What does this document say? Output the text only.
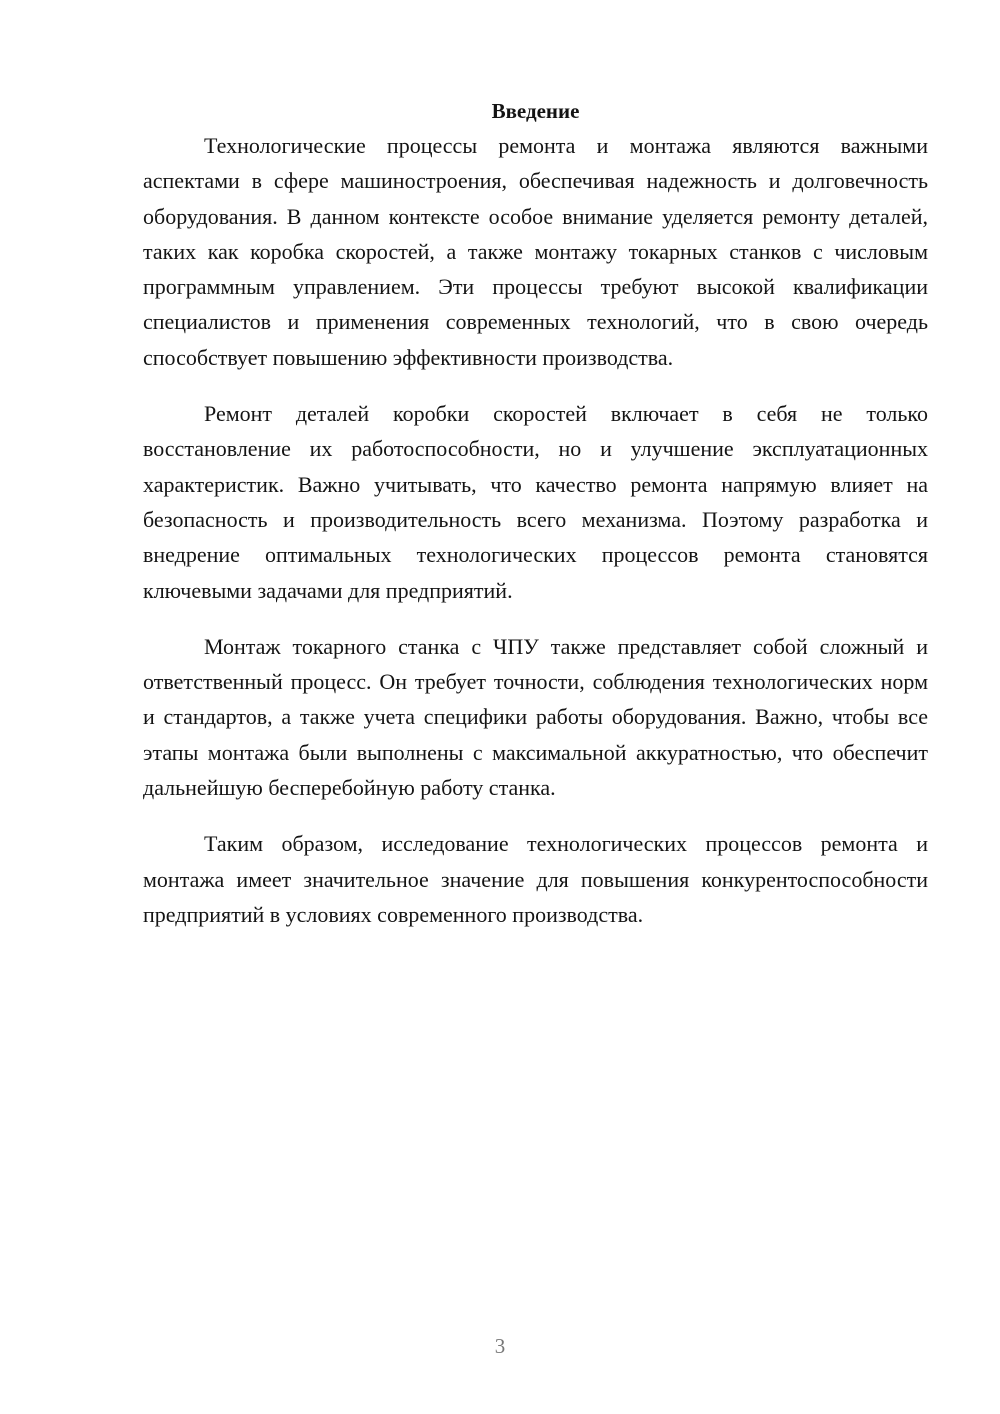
Введение

Технологические процессы ремонта и монтажа являются важными аспектами в сфере машиностроения, обеспечивая надежность и долговечность оборудования. В данном контексте особое внимание уделяется ремонту деталей, таких как коробка скоростей, а также монтажу токарных станков с числовым программным управлением. Эти процессы требуют высокой квалификации специалистов и применения современных технологий, что в свою очередь способствует повышению эффективности производства.

Ремонт деталей коробки скоростей включает в себя не только восстановление их работоспособности, но и улучшение эксплуатационных характеристик. Важно учитывать, что качество ремонта напрямую влияет на безопасность и производительность всего механизма. Поэтому разработка и внедрение оптимальных технологических процессов ремонта становятся ключевыми задачами для предприятий.

Монтаж токарного станка с ЧПУ также представляет собой сложный и ответственный процесс. Он требует точности, соблюдения технологических норм и стандартов, а также учета специфики работы оборудования. Важно, чтобы все этапы монтажа были выполнены с максимальной аккуратностью, что обеспечит дальнейшую бесперебойную работу станка.

Таким образом, исследование технологических процессов ремонта и монтажа имеет значительное значение для повышения конкурентоспособности предприятий в условиях современного производства.

3
